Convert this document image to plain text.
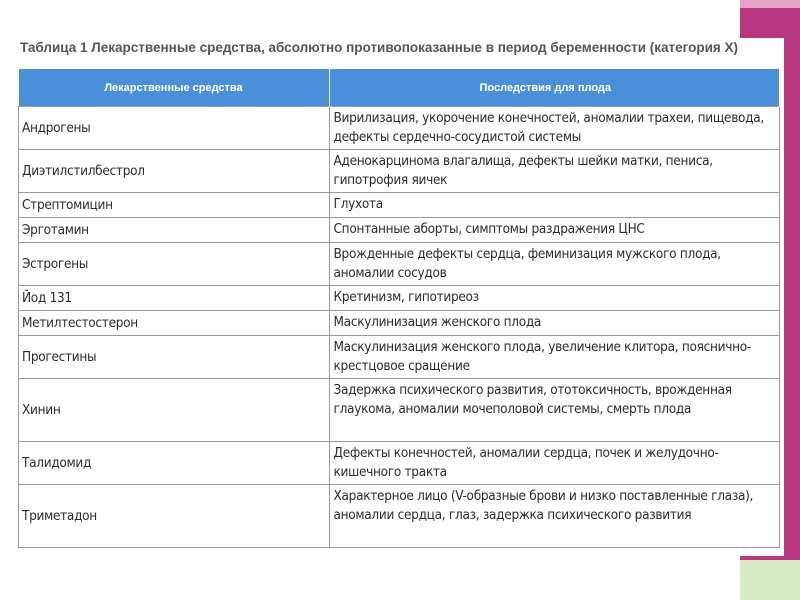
Таблица 1 Лекарственные средства, абсолютно противопоказанные в период беременности (категория X)
Лекарственные средства	Последствия для плода
Андрогены	Вирилизация, укорочение конечностей, аномалии трахеи, пищевода, дефекты сердечно-сосудистой системы
Диэтилстилбестрол	Аденокарцинома влагалища, дефекты шейки матки, пениса, гипотрофия яичек
Стрептомицин	Глухота
Эрготамин	Спонтанные аборты, симптомы раздражения ЦНС
Эстрогены	Врожденные дефекты сердца, феминизация мужского плода, аномалии сосудов
Йод 131	Кретинизм, гипотиреоз
Метилтестостерон	Маскулинизация женского плода
Прогестины	Маскулинизация женского плода, увеличение клитора, пояснично-крестцовое сращение
Хинин	Задержка психического развития, ототоксичность, врожденная глаукома, аномалии мочеполовой системы, смерть плода
Талидомид	Дефекты конечностей, аномалии сердца, почек и желудочно-кишечного тракта
Триметадон	Характерное лицо (V-образные брови и низко поставленные глаза), аномалии сердца, глаз, задержка психического развития
